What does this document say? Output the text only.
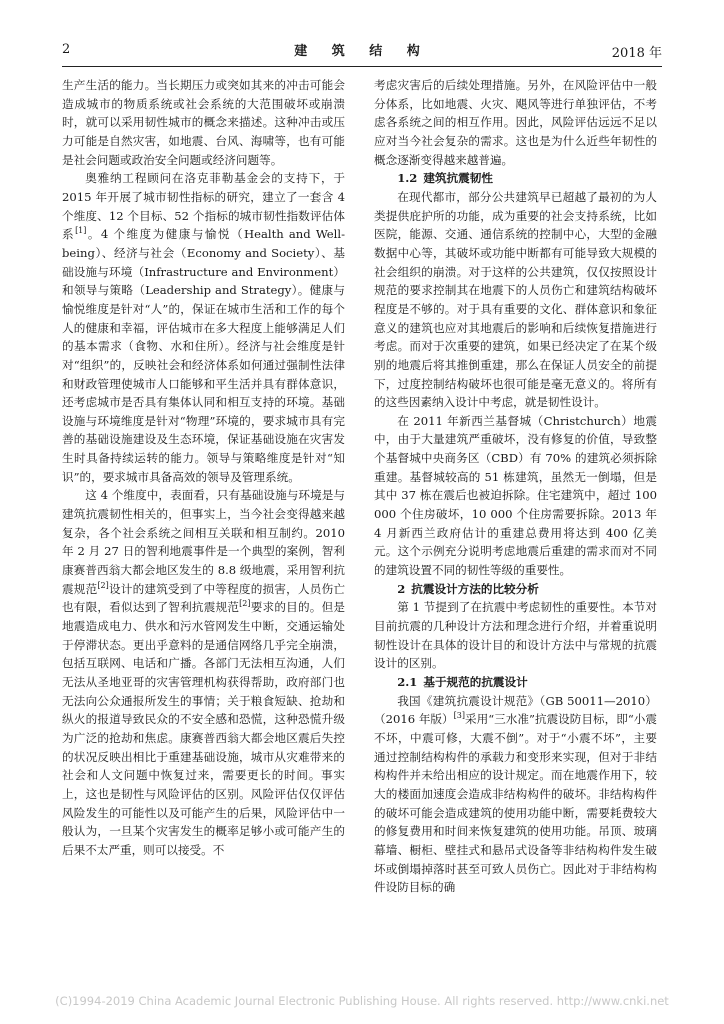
2	建 筑 结 构	2018 年

生产生活的能力。当长期压力或突如其来的冲击可能会造成城市的物质系统或社会系统的大范围破坏或崩溃时，就可以采用韧性城市的概念来描述。这种冲击或压力可能是自然灾害，如地震、台风、海啸等，也有可能是社会问题或政治安全问题或经济问题等。

奥雅纳工程顾问在洛克菲勒基金会的支持下，于 2015 年开展了城市韧性指标的研究，建立了一套含 4 个维度、12 个目标、52 个指标的城市韧性指数评估体系[1]。4 个维度为健康与愉悦（Health and Well-being）、经济与社会（Economy and Society）、基础设施与环境（Infrastructure and Environment）和领导与策略（Leadership and Strategy）。健康与愉悦维度是针对“人”的，保证在城市生活和工作的每个人的健康和幸福，评估城市在多大程度上能够满足人们的基本需求（食物、水和住所）。经济与社会维度是针对“组织”的，反映社会和经济体系如何通过强制性法律和财政管理使城市人口能够和平生活并具有群体意识，还考虑城市是否具有集体认同和相互支持的环境。基础设施与环境维度是针对“物理”环境的，要求城市具有完善的基础设施建设及生态环境，保证基础设施在灾害发生时具备持续运转的能力。领导与策略维度是针对“知识”的，要求城市具备高效的领导及管理系统。

这 4 个维度中，表面看，只有基础设施与环境是与建筑抗震韧性相关的，但事实上，当今社会变得越来越复杂，各个社会系统之间相互关联和相互制约。2010 年 2 月 27 日的智利地震事件是一个典型的案例，智利康赛普西翁大都会地区发生的 8.8 级地震，采用智利抗震规范[2]设计的建筑受到了中等程度的损害，人员伤亡也有限，看似达到了智利抗震规范[2]要求的目的。但是地震造成电力、供水和污水管网发生中断，交通运输处于停滞状态。更出乎意料的是通信网络几乎完全崩溃，包括互联网、电话和广播。各部门无法相互沟通，人们无法从圣地亚哥的灾害管理机构获得帮助，政府部门也无法向公众通报所发生的事情；关于粮食短缺、抢劫和纵火的报道导致民众的不安全感和恐慌，这种恐慌升级为广泛的抢劫和焦虑。康赛普西翁大都会地区震后失控的状况反映出相比于重建基础设施，城市从灾难带来的社会和人文问题中恢复过来，需要更长的时间。事实上，这也是韧性与风险评估的区别。风险评估仅仅评估风险发生的可能性以及可能产生的后果，风险评估中一般认为，一旦某个灾害发生的概率足够小或可能产生的后果不太严重，则可以接受。不

考虑灾害后的后续处理措施。另外，在风险评估中一般分体系，比如地震、火灾、飓风等进行单独评估，不考虑各系统之间的相互作用。因此，风险评估远远不足以应对当今社会复杂的需求。这也是为什么近些年韧性的概念逐渐变得越来越普遍。

1.2 建筑抗震韧性

在现代都市，部分公共建筑早已超越了最初的为人类提供庇护所的功能，成为重要的社会支持系统，比如医院，能源、交通、通信系统的控制中心，大型的金融数据中心等，其破坏或功能中断都有可能导致大规模的社会组织的崩溃。对于这样的公共建筑，仅仅按照设计规范的要求控制其在地震下的人员伤亡和建筑结构破坏程度是不够的。对于具有重要的文化、群体意识和象征意义的建筑也应对其地震后的影响和后续恢复措施进行考虑。而对于次重要的建筑，如果已经决定了在某个级别的地震后将其推倒重建，那么在保证人员安全的前提下，过度控制结构破坏也很可能是毫无意义的。将所有的这些因素纳入设计中考虑，就是韧性设计。

在 2011 年新西兰基督城（Christchurch）地震中，由于大量建筑严重破坏，没有修复的价值，导致整个基督城中央商务区（CBD）有 70% 的建筑必须拆除重建。基督城较高的 51 栋建筑，虽然无一倒塌，但是其中 37 栋在震后也被迫拆除。住宅建筑中，超过 100 000 个住房破坏，10 000 个住房需要拆除。2013 年 4 月新西兰政府估计的重建总费用将达到 400 亿美元。这个示例充分说明考虑地震后重建的需求而对不同的建筑设置不同的韧性等级的重要性。

2 抗震设计方法的比较分析

第 1 节提到了在抗震中考虑韧性的重要性。本节对目前抗震的几种设计方法和理念进行介绍，并着重说明韧性设计在具体的设计目的和设计方法中与常规的抗震设计的区别。

2.1 基于规范的抗震设计

我国《建筑抗震设计规范》（GB 50011—2010）（2016 年版）[3]采用“三水准”抗震设防目标，即“小震不坏，中震可修，大震不倒”。对于“小震不坏”，主要通过控制结构构件的承载力和变形来实现，但对于非结构构件并未给出相应的设计规定。而在地震作用下，较大的楼面加速度会造成非结构构件的破坏。非结构构件的破坏可能会造成建筑的使用功能中断，需要耗费较大的修复费用和时间来恢复建筑的使用功能。吊顶、玻璃幕墙、橱柜、壁挂式和悬吊式设备等非结构构件发生破坏或倒塌掉落时甚至可致人员伤亡。因此对于非结构构件设防目标的确

(C)1994-2019 China Academic Journal Electronic Publishing House. All rights reserved. http://www.cnki.net
